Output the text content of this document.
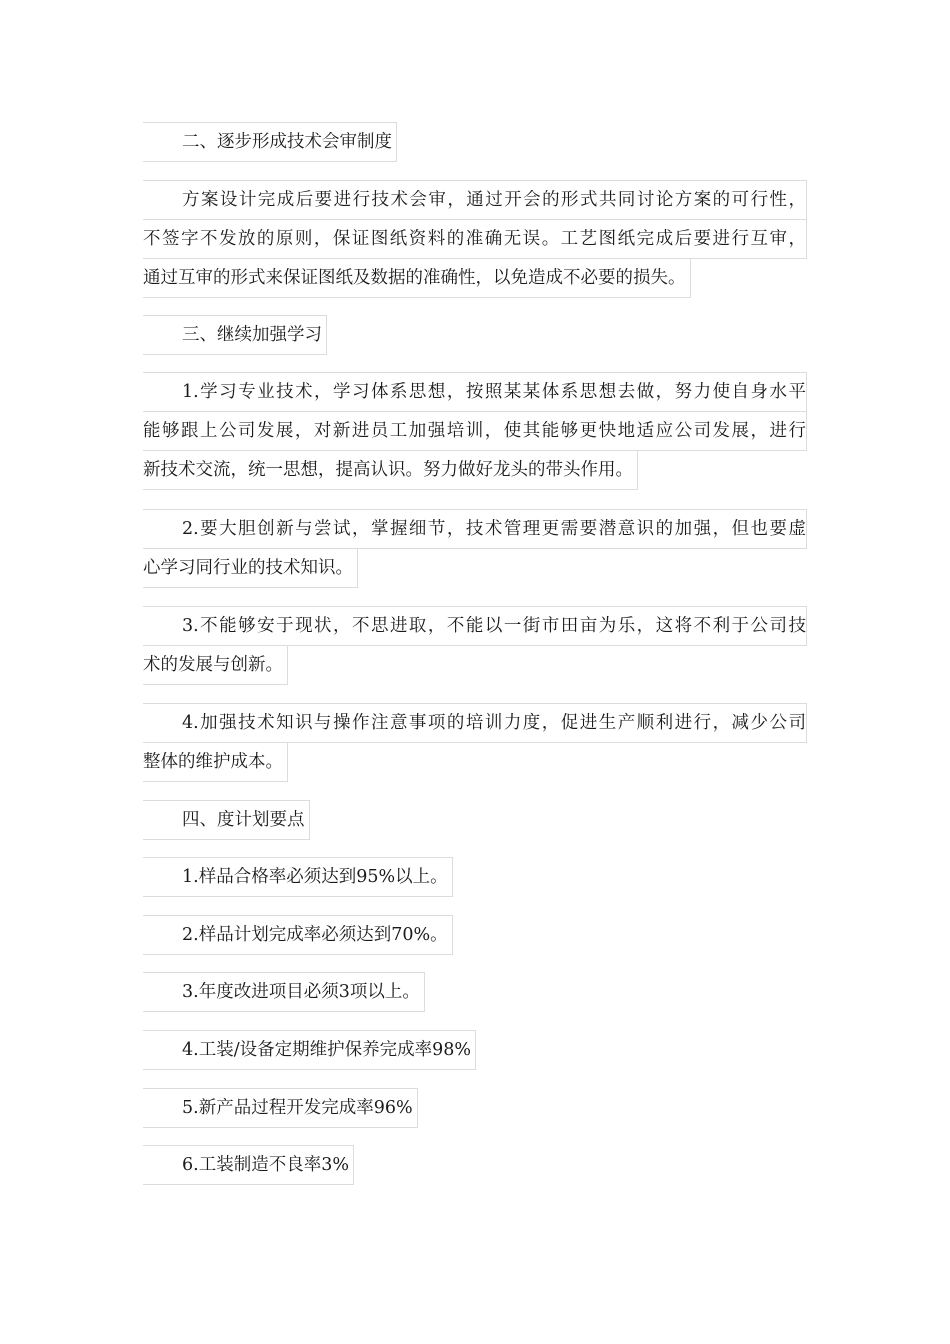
二、逐步形成技术会审制度
方案设计完成后要进行技术会审，通过开会的形式共同讨论方案的可行性，
不签字不发放的原则，保证图纸资料的准确无误。工艺图纸完成后要进行互审，
通过互审的形式来保证图纸及数据的准确性，以免造成不必要的损失。
三、继续加强学习
1.学习专业技术，学习体系思想，按照某某体系思想去做，努力使自身水平
能够跟上公司发展，对新进员工加强培训，使其能够更快地适应公司发展，进行
新技术交流，统一思想，提高认识。努力做好龙头的带头作用。
2.要大胆创新与尝试，掌握细节，技术管理更需要潜意识的加强，但也要虚
心学习同行业的技术知识。
3.不能够安于现状，不思进取，不能以一街市田亩为乐，这将不利于公司技
术的发展与创新。
4.加强技术知识与操作注意事项的培训力度，促进生产顺利进行，减少公司
整体的维护成本。
四、度计划要点
1.样品合格率必须达到95%以上。
2.样品计划完成率必须达到70%。
3.年度改进项目必须3项以上。
4.工装/设备定期维护保养完成率98%
5.新产品过程开发完成率96%
6.工装制造不良率3%
